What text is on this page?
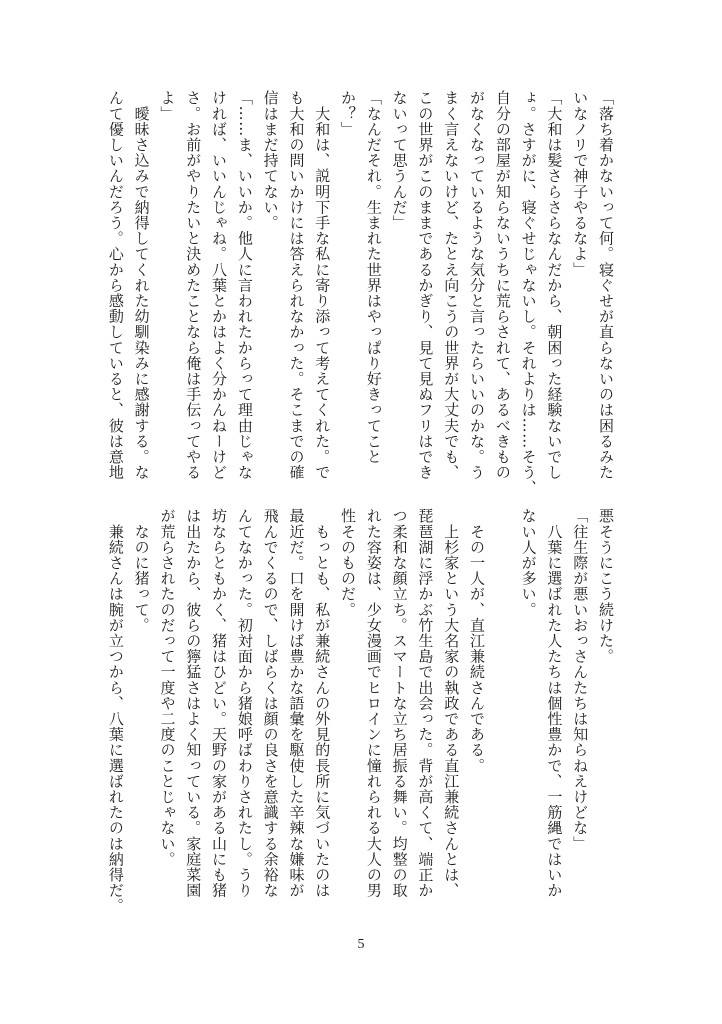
「落ち着かないって何。寝ぐせが直らないのは困るみた
いなノリで神子やるなよ」
「大和は髪さらさらなんだから、朝困った経験ないでし
ょ。さすがに、寝ぐせじゃないし。それよりは……そう、
自分の部屋が知らないうちに荒らされて、あるべきもの
がなくなっているような気分と言ったらいいのかな。う
まく言えないけど、たとえ向こうの世界が大丈夫でも、
この世界がこのままであるかぎり、見て見ぬフリはでき
ないって思うんだ」
「なんだそれ。生まれた世界はやっぱり好きってこと
か？」
　大和は、説明下手な私に寄り添って考えてくれた。で
も大和の問いかけには答えられなかった。そこまでの確
信はまだ持てない。
「……ま、いいか。他人に言われたからって理由じゃな
ければ、いいんじゃね。八葉とかはよく分かんねーけど
さ。お前がやりたいと決めたことなら俺は手伝ってやる
よ」
　曖昧さ込みで納得してくれた幼馴染みに感謝する。な
んて優しいんだろう。心から感動していると、彼は意地
悪そうにこう続けた。
「往生際が悪いおっさんたちは知らねえけどな」
　八葉に選ばれた人たちは個性豊かで、一筋縄ではいか
ない人が多い。
　その一人が、直江兼続さんである。
　上杉家という大名家の執政である直江兼続さんとは、
琵琶湖に浮かぶ竹生島で出会った。背が高くて、端正か
つ柔和な顔立ち。スマートな立ち居振る舞い。均整の取
れた容姿は、少女漫画でヒロインに憧れられる大人の男
性そのものだ。
　もっとも、私が兼続さんの外見的長所に気づいたのは
最近だ。口を開けば豊かな語彙を駆使した辛辣な嫌味が
飛んでくるので、しばらくは顔の良さを意識する余裕な
んてなかった。初対面から猪娘呼ばわりされたし。うり
坊ならともかく、猪はひどい。天野の家がある山にも猪
は出たから、彼らの獰猛さはよく知っている。家庭菜園
が荒らされたのだって一度や二度のことじゃない。
　なのに猪って。
　兼続さんは腕が立つから、八葉に選ばれたのは納得だ。
5
